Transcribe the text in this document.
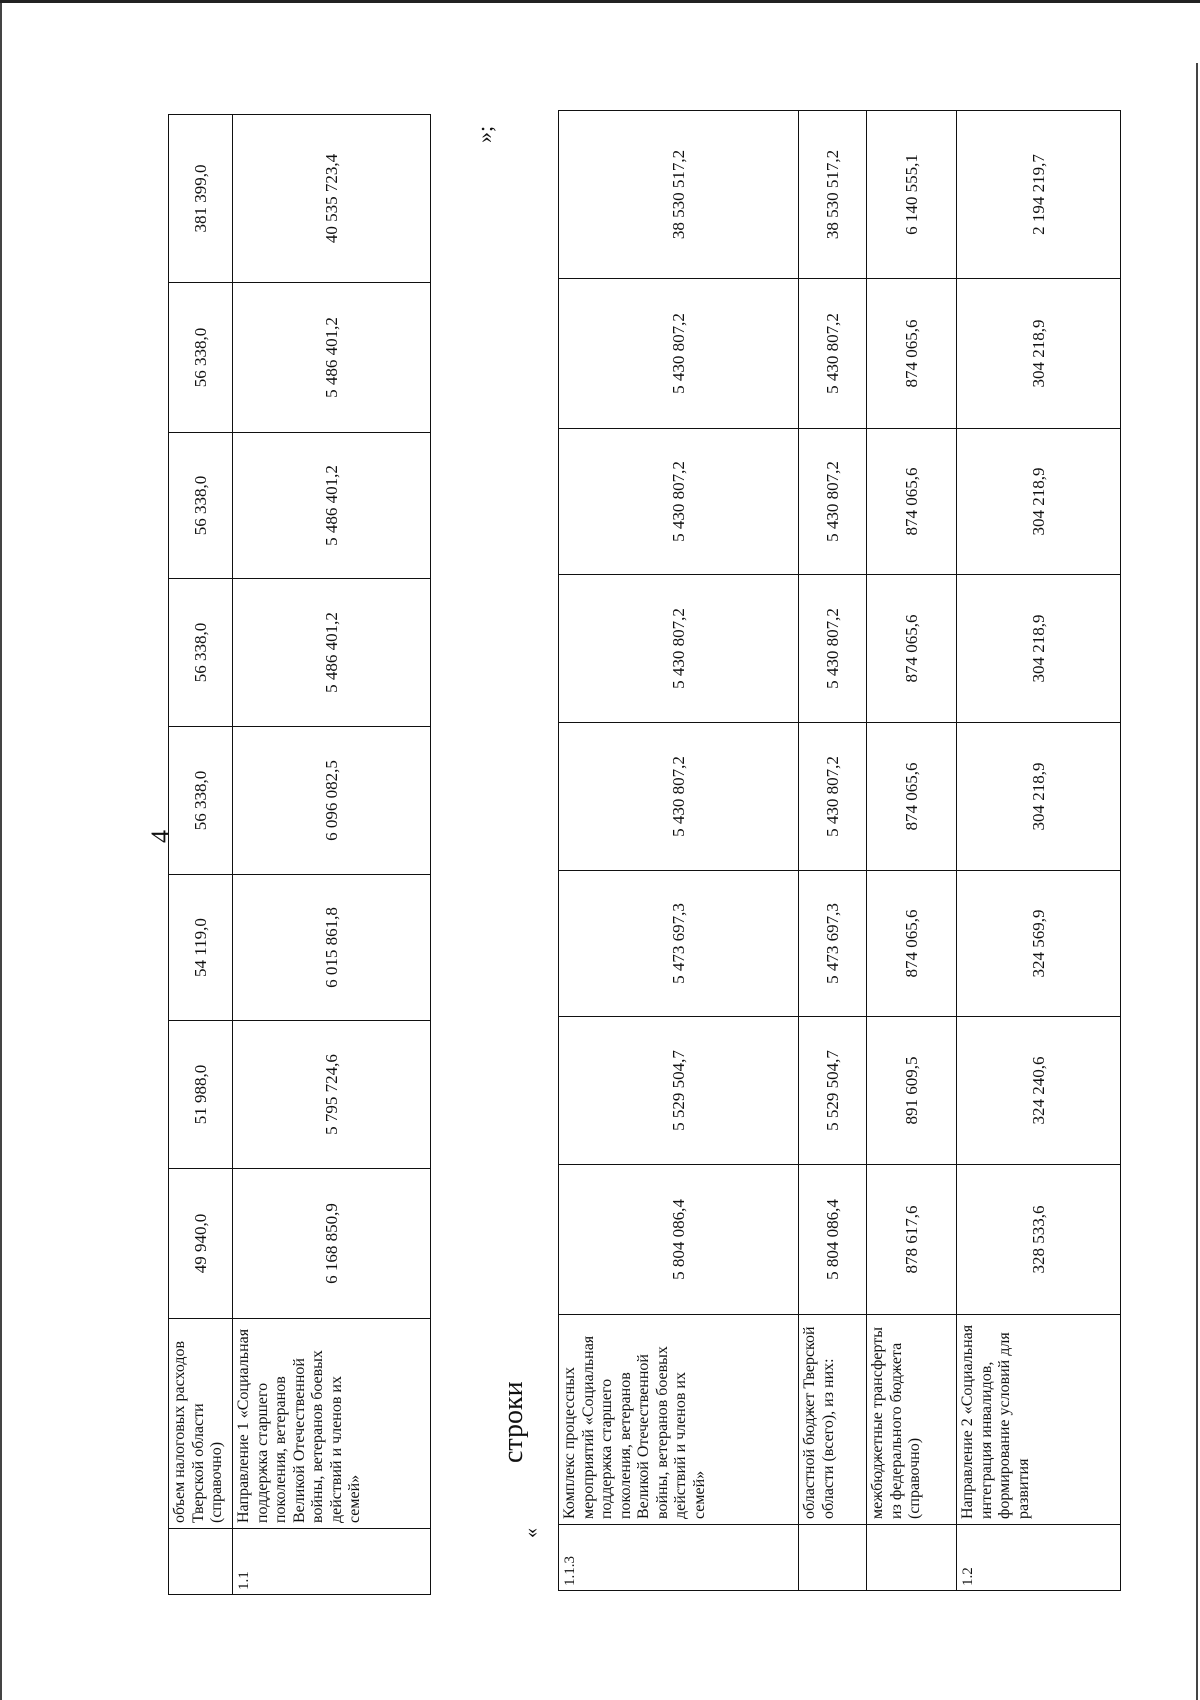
4
	объем налоговых расходов Тверской области (справочно)	49 940,0	51 988,0	54 119,0	56 338,0	56 338,0	56 338,0	56 338,0	381 399,0
1.1	Направление 1 «Социальная поддержка старшего поколения, ветеранов Великой Отечественной войны, ветеранов боевых действий и членов их семей»	6 168 850,9	5 795 724,6	6 015 861,8	6 096 082,5	5 486 401,2	5 486 401,2	5 486 401,2	40 535 723,4
строки
«
»;
1.1.3	Комплекс процессных мероприятий «Социальная поддержка старшего поколения, ветеранов Великой Отечественной войны, ветеранов боевых действий и членов их семей»	5 804 086,4	5 529 504,7	5 473 697,3	5 430 807,2	5 430 807,2	5 430 807,2	5 430 807,2	38 530 517,2
	областной бюджет Тверской области (всего), из них:	5 804 086,4	5 529 504,7	5 473 697,3	5 430 807,2	5 430 807,2	5 430 807,2	5 430 807,2	38 530 517,2
	межбюджетные трансферты из федерального бюджета (справочно)	878 617,6	891 609,5	874 065,6	874 065,6	874 065,6	874 065,6	874 065,6	6 140 555,1
1.2	Направление 2 «Социальная интеграция инвалидов, формирование условий для развития	328 533,6	324 240,6	324 569,9	304 218,9	304 218,9	304 218,9	304 218,9	2 194 219,7
